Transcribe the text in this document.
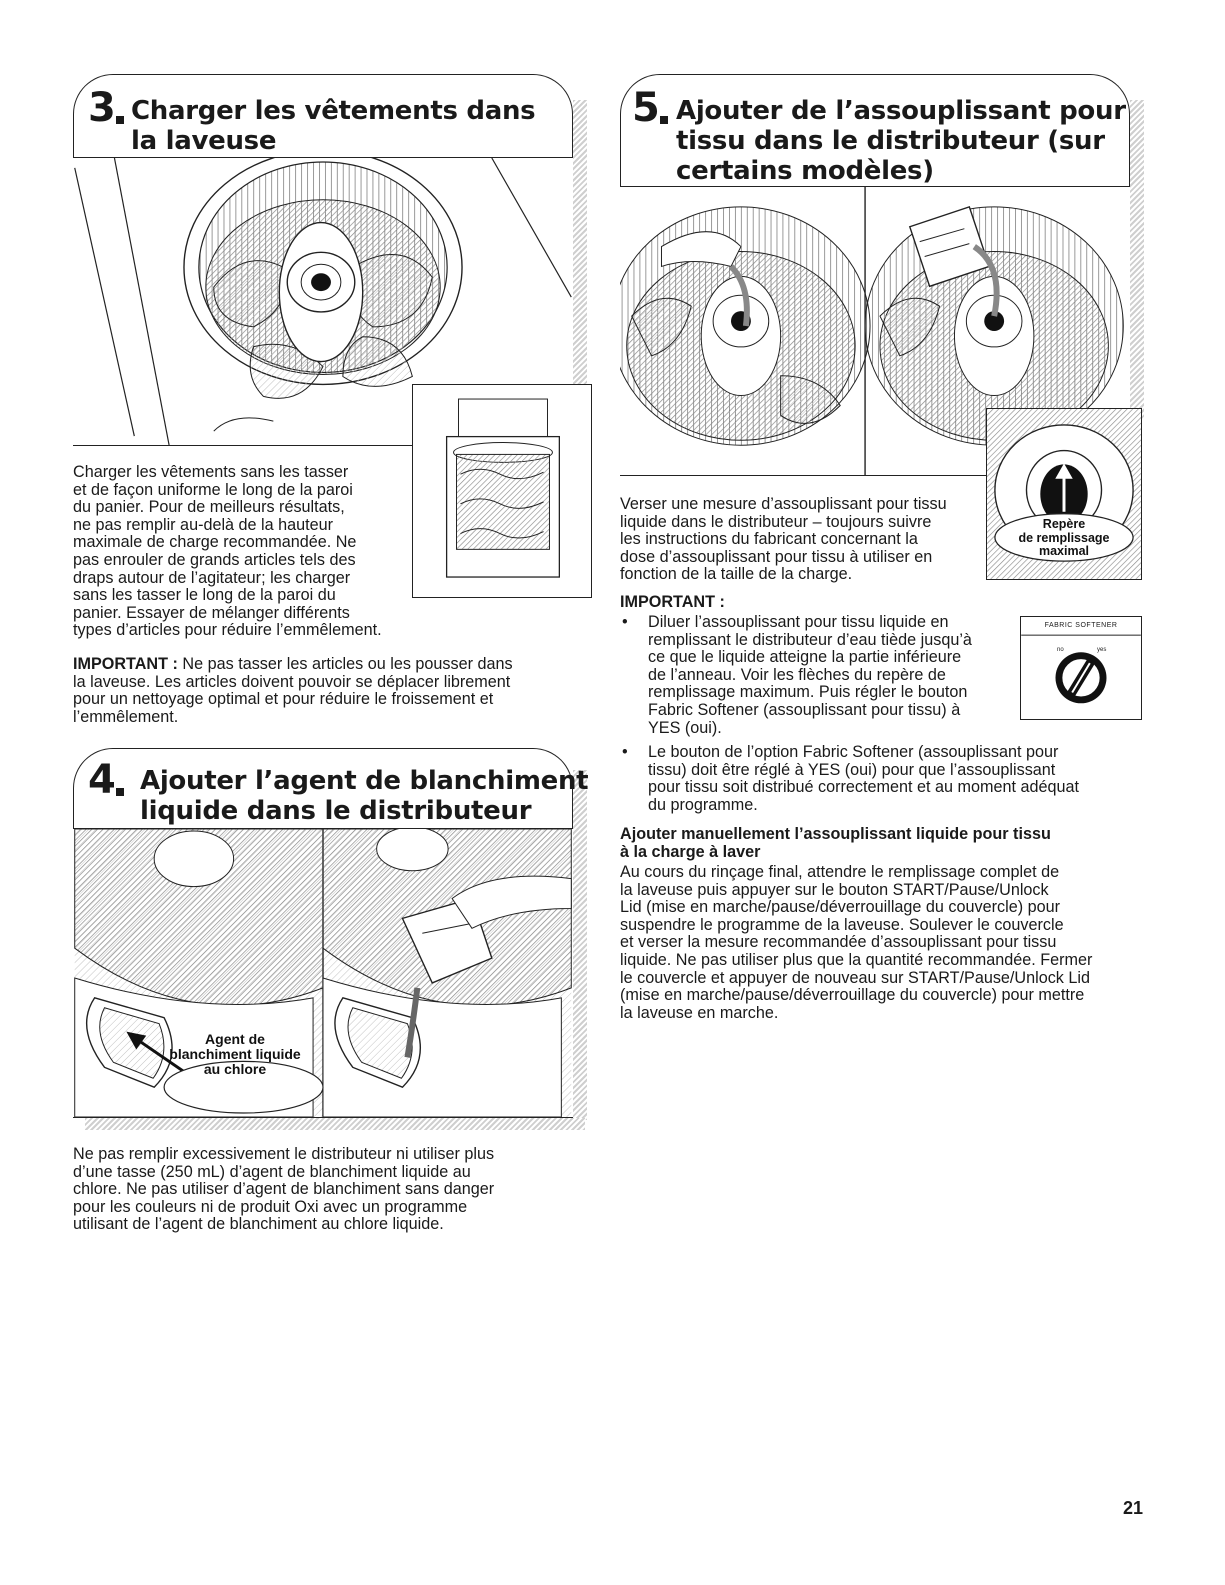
3 Charger les vêtements dans
la laveuse
Charger les vêtements sans les tasser
et de façon uniforme le long de la paroi
du panier. Pour de meilleurs résultats,
ne pas remplir au-delà de la hauteur
maximale de charge recommandée. Ne
pas enrouler de grands articles tels des
draps autour de l’agitateur; les charger
sans les tasser le long de la paroi du
panier. Essayer de mélanger différents
types d’articles pour réduire l’emmêlement.
IMPORTANT : Ne pas tasser les articles ou les pousser dans
la laveuse. Les articles doivent pouvoir se déplacer librement
pour un nettoyage optimal et pour réduire le froissement et
l’emmêlement.
4 Ajouter l’agent de blanchiment
liquide dans le distributeur
Agent de
blanchiment liquide
au chlore
Ne pas remplir excessivement le distributeur ni utiliser plus
d’une tasse (250 mL) d’agent de blanchiment liquide au
chlore. Ne pas utiliser d’agent de blanchiment sans danger
pour les couleurs ni de produit Oxi avec un programme
utilisant de l’agent de blanchiment au chlore liquide.
5 Ajouter de l’assouplissant pour
tissu dans le distributeur (sur
certains modèles)
Repère
de remplissage
maximal
Verser une mesure d’assouplissant pour tissu
liquide dans le distributeur – toujours suivre
les instructions du fabricant concernant la
dose d’assouplissant pour tissu à utiliser en
fonction de la taille de la charge.
IMPORTANT :
• Diluer l’assouplissant pour tissu liquide en
remplissant le distributeur d’eau tiède jusqu’à
ce que le liquide atteigne la partie inférieure
de l’anneau. Voir les flèches du repère de
remplissage maximum. Puis régler le bouton
Fabric Softener (assouplissant pour tissu) à
YES (oui).
FABRIC SOFTENER
no	yes
• Le bouton de l’option Fabric Softener (assouplissant pour
tissu) doit être réglé à YES (oui) pour que l’assouplissant
pour tissu soit distribué correctement et au moment adéquat
du programme.
Ajouter manuellement l’assouplissant liquide pour tissu
à la charge à laver
Au cours du rinçage final, attendre le remplissage complet de
la laveuse puis appuyer sur le bouton START/Pause/Unlock
Lid (mise en marche/pause/déverrouillage du couvercle) pour
suspendre le programme de la laveuse. Soulever le couvercle
et verser la mesure recommandée d’assouplissant pour tissu
liquide. Ne pas utiliser plus que la quantité recommandée. Fermer
le couvercle et appuyer de nouveau sur START/Pause/Unlock Lid
(mise en marche/pause/déverrouillage du couvercle) pour mettre
la laveuse en marche.
21
